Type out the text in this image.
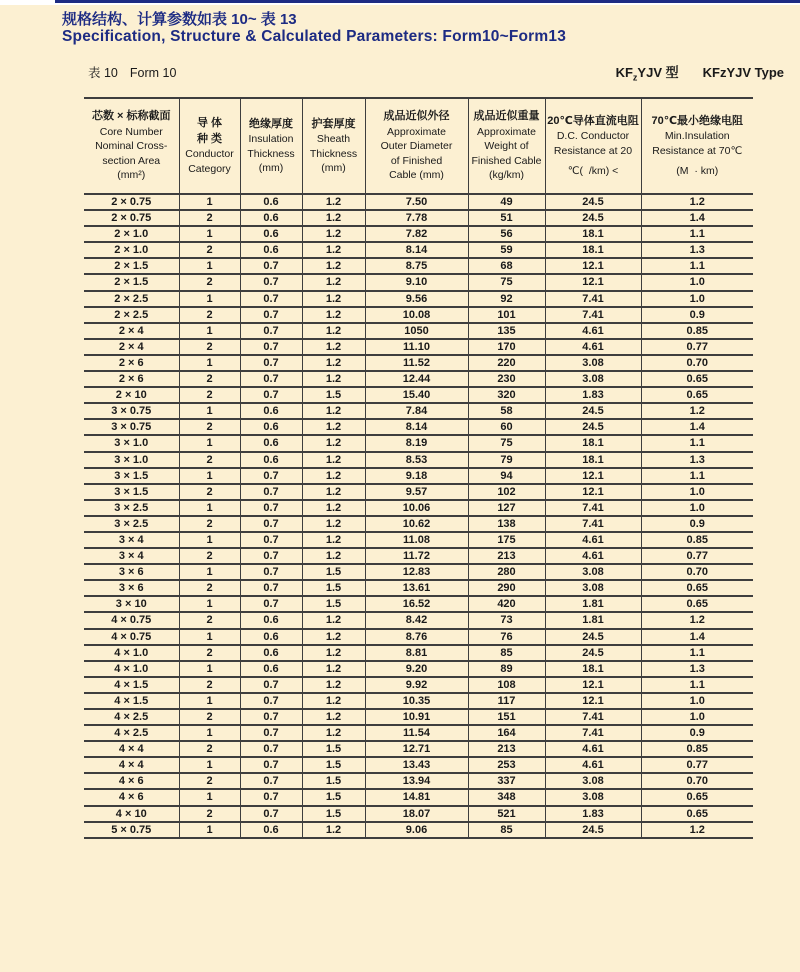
规格结构、计算参数如表 10~ 表 13
Specification, Structure & Calculated Parameters: Form10~Form13
表 10 Form 10	$KF_zYJV$ 型 KFzYJV Type
芯数 × 标称截面
Core Number
Nominal Cross-
section Area
(mm²)

导 体
种 类
Conductor
Category

绝缘厚度
Insulation
Thickness
(mm)

护套厚度
Sheath
Thickness
(mm)

成品近似外径
Approximate
Outer Diameter
of Finished
Cable (mm)

成品近似重量
Approximate
Weight of
Finished Cable
(kg/km)

20℃导体直流电阻
D.C. Conductor
Resistance at 20
℃(  /km) <

70℃最小绝缘电阻
Min.Insulation
Resistance at 70℃
(M  · km)

2 × 0.75	1	0.6	1.2	7.50	49	24.5	1.2
2 × 0.75	2	0.6	1.2	7.78	51	24.5	1.4
2 × 1.0	1	0.6	1.2	7.82	56	18.1	1.1
2 × 1.0	2	0.6	1.2	8.14	59	18.1	1.3
2 × 1.5	1	0.7	1.2	8.75	68	12.1	1.1
2 × 1.5	2	0.7	1.2	9.10	75	12.1	1.0
2 × 2.5	1	0.7	1.2	9.56	92	7.41	1.0
2 × 2.5	2	0.7	1.2	10.08	101	7.41	0.9
2 × 4	1	0.7	1.2	1050	135	4.61	0.85
2 × 4	2	0.7	1.2	11.10	170	4.61	0.77
2 × 6	1	0.7	1.2	11.52	220	3.08	0.70
2 × 6	2	0.7	1.2	12.44	230	3.08	0.65
2 × 10	2	0.7	1.5	15.40	320	1.83	0.65
3 × 0.75	1	0.6	1.2	7.84	58	24.5	1.2
3 × 0.75	2	0.6	1.2	8.14	60	24.5	1.4
3 × 1.0	1	0.6	1.2	8.19	75	18.1	1.1
3 × 1.0	2	0.6	1.2	8.53	79	18.1	1.3
3 × 1.5	1	0.7	1.2	9.18	94	12.1	1.1
3 × 1.5	2	0.7	1.2	9.57	102	12.1	1.0
3 × 2.5	1	0.7	1.2	10.06	127	7.41	1.0
3 × 2.5	2	0.7	1.2	10.62	138	7.41	0.9
3 × 4	1	0.7	1.2	11.08	175	4.61	0.85
3 × 4	2	0.7	1.2	11.72	213	4.61	0.77
3 × 6	1	0.7	1.5	12.83	280	3.08	0.70
3 × 6	2	0.7	1.5	13.61	290	3.08	0.65
3 × 10	1	0.7	1.5	16.52	420	1.81	0.65
4 × 0.75	2	0.6	1.2	8.42	73	1.81	1.2
4 × 0.75	1	0.6	1.2	8.76	76	24.5	1.4
4 × 1.0	2	0.6	1.2	8.81	85	24.5	1.1
4 × 1.0	1	0.6	1.2	9.20	89	18.1	1.3
4 × 1.5	2	0.7	1.2	9.92	108	12.1	1.1
4 × 1.5	1	0.7	1.2	10.35	117	12.1	1.0
4 × 2.5	2	0.7	1.2	10.91	151	7.41	1.0
4 × 2.5	1	0.7	1.2	11.54	164	7.41	0.9
4 × 4	2	0.7	1.5	12.71	213	4.61	0.85
4 × 4	1	0.7	1.5	13.43	253	4.61	0.77
4 × 6	2	0.7	1.5	13.94	337	3.08	0.70
4 × 6	1	0.7	1.5	14.81	348	3.08	0.65
4 × 10	2	0.7	1.5	18.07	521	1.83	0.65
5 × 0.75	1	0.6	1.2	9.06	85	24.5	1.2
